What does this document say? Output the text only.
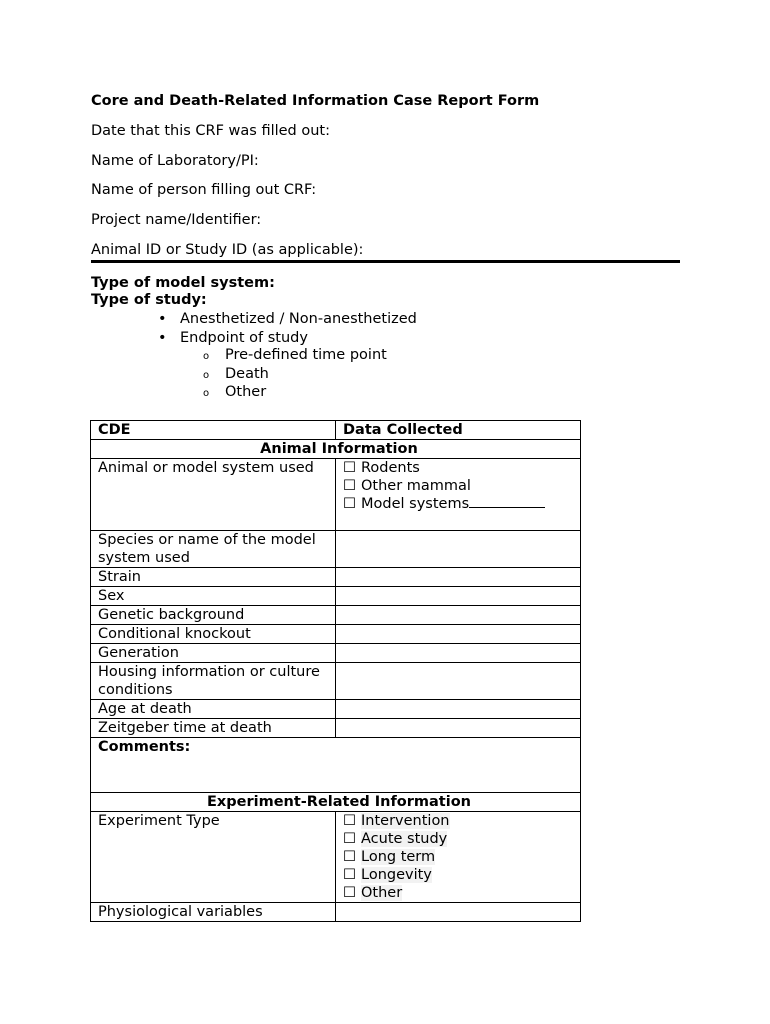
Core and Death-Related Information Case Report Form
Date that this CRF was filled out:
Name of Laboratory/PI:
Name of person filling out CRF:
Project name/Identifier:
Animal ID or Study ID (as applicable):
Type of model system:
Type of study:
• Anesthetized / Non-anesthetized
• Endpoint of study
o Pre-defined time point
o Death
o Other
CDE	Data Collected
Animal Information	
Animal or model system used	☐ Rodents
☐ Other mammal
☐ Model systems

Species or name of the model system used	
Strain	
Sex	
Genetic background	
Conditional knockout	
Generation	
Housing information or culture conditions	
Age at death	
Zeitgeber time at death	
Comments:	
Experiment-Related Information	
Experiment Type	☐ Intervention
☐ Acute study
☐ Long term
☐ Longevity
☐ Other

Physiological variables	
